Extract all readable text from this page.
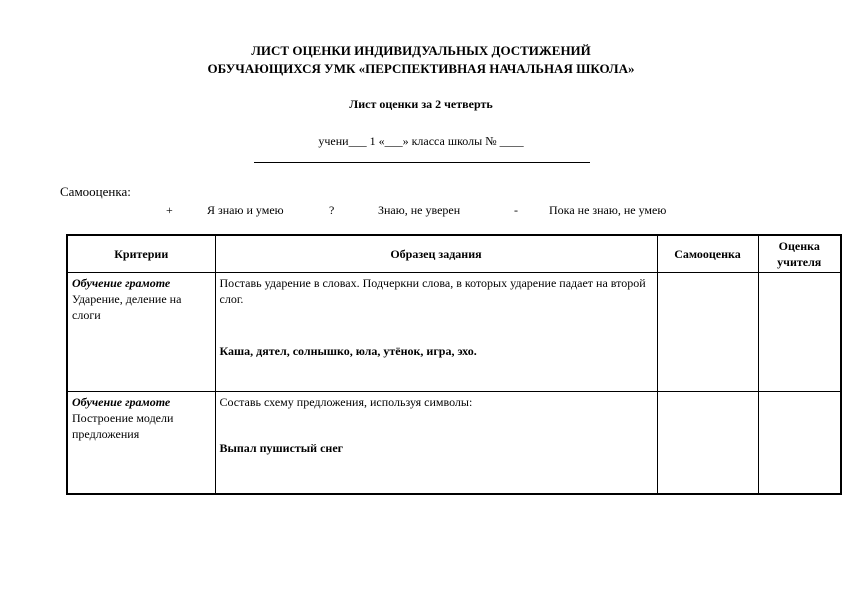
ЛИСТ ОЦЕНКИ ИНДИВИДУАЛЬНЫХ ДОСТИЖЕНИЙ
ОБУЧАЮЩИХСЯ УМК «ПЕРСПЕКТИВНАЯ НАЧАЛЬНАЯ ШКОЛА»
Лист оценки за 2 четверть
учени___ 1 «___» класса школы № ____
Самооценка:
+	Я знаю и умею	?	Знаю, не уверен	-	Пока не знаю, не умею
Критерии	Образец задания	Самооценка	Оценка учителя

Обучение грамоте
Ударение, деление на слоги	Поставь ударение в словах. Подчеркни слова, в которых ударение падает на второй слог.
Каша, дятел, солнышко, юла, утёнок, игра, эхо.		

Обучение грамоте
Построение модели предложения	Составь схему предложения, используя символы:
Выпал пушистый снег		
